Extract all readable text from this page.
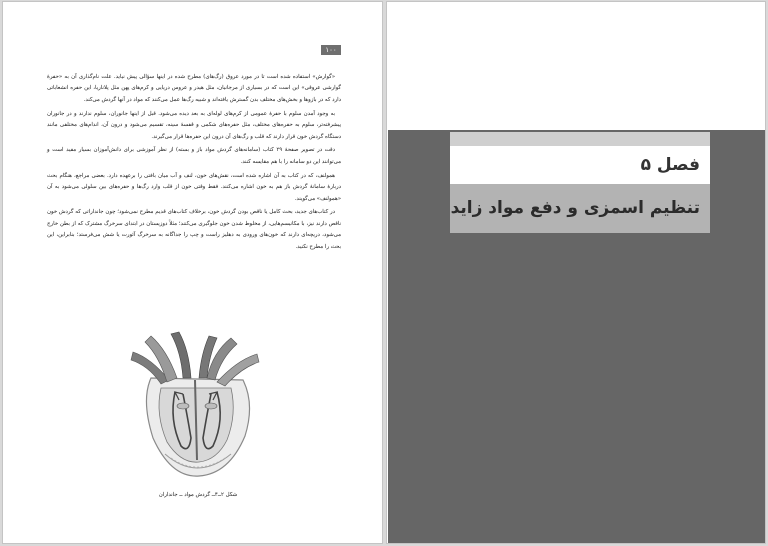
۱۰۰

«گوارش» استفاده شده است تا در مورد عروق (رگ‌های) مطرح شده در اینها سؤالی پیش نیاید. علت نام‌گذاری آن به «حفرهٔ گوارشی عروقی» این است که در بسیاری از مرجانیان، مثل هیدر و عروس دریایی و کرم‌های پهن مثل پلاناریا، این حفره انشعاباتی دارد که در بازوها و بخش‌های مختلف بدن گسترش یافته‌اند و شبیه رگ‌ها عمل می‌کنند که مواد در آنها گردش می‌کند.

به وجود آمدن سلوم با حفرهٔ عمومی از کرم‌های لوله‌ای به بعد دیده می‌شود. قبل از اینها جانوران، سلوم ندارند و در جانوران پیشرفته‌تر، سلوم به حفره‌های مختلف، مثل حفره‌های شکمی و قفسهٔ سینه، تقسیم می‌شود و درون آن، اندام‌های مختلفی مانند دستگاه گردش خون قرار دارند که قلب و رگ‌های آن درون این حفره‌ها قرار می‌گیرند.

دقت در تصویر صفحهٔ ۲۹ کتاب (سامانه‌های گردش مواد باز و بسته) از نظر آموزشی برای دانش‌آموزان بسیار مفید است و می‌توانند این دو سامانه را با هم مقایسه کنند.

همولنف، که در کتاب به آن اشاره شده است، نقش‌های خون، لنف و آب میان بافتی را برعهده دارد. بعضی مراجع، هنگام بحث دربارهٔ سامانهٔ گردش باز هم به خون اشاره می‌کنند. فقط وقتی خون از قلب وارد رگ‌ها و حفره‌های بین سلولی می‌شود به آن «همولنف» می‌گویند.

در کتاب‌های جدید، بحث کامل یا ناقص بودن گردش خون، برخلاف کتاب‌های قدیم مطرح نمی‌شود؛ چون جانداراتی که گردش خون ناقص دارند نیز، با مکانیسم‌هایی، از مخلوط شدن خون جلوگیری می‌کنند؛ مثلاً دوزیستان در ابتدای سرخرگ مشترک که از بطن خارج می‌شود، دریچه‌ای دارند که خون‌های ورودی به دهلیز راست و چپ را جداگانه به سرخرگ آئورت یا شش می‌فرستد؛ بنابراین، این بحث را مطرح نکنید.

شکل ۲ــ۴ــ گردش مواد ــ جانداران
فصل ۵
تنظیم اسمزی و دفع مواد زاید
